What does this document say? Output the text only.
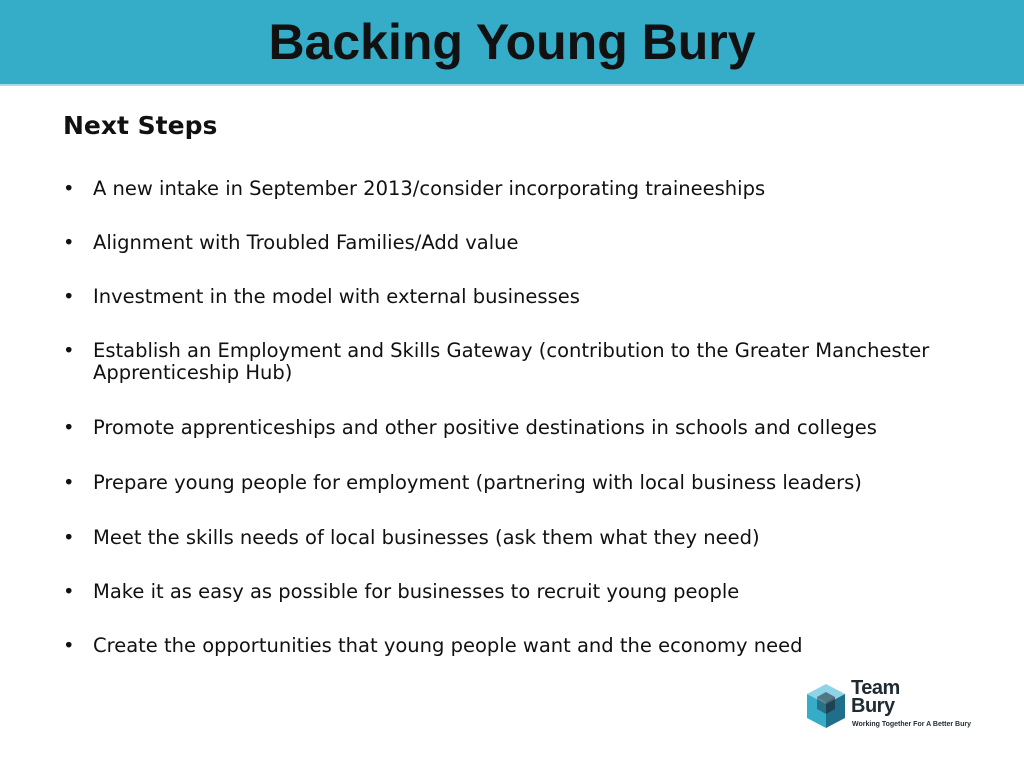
Backing Young Bury
Next Steps
• A new intake in September 2013/consider incorporating traineeships
• Alignment with Troubled Families/Add value
• Investment in the model with external businesses
• Establish an Employment and Skills Gateway (contribution to the Greater Manchester Apprenticeship Hub)
• Promote apprenticeships and other positive destinations in schools and colleges
• Prepare young people for employment (partnering with local business leaders)
• Meet the skills needs of local businesses (ask them what they need)
• Make it as easy as possible for businesses to recruit young people
• Create the opportunities that young people want and the economy need
Team
Bury
Working Together For A Better Bury
